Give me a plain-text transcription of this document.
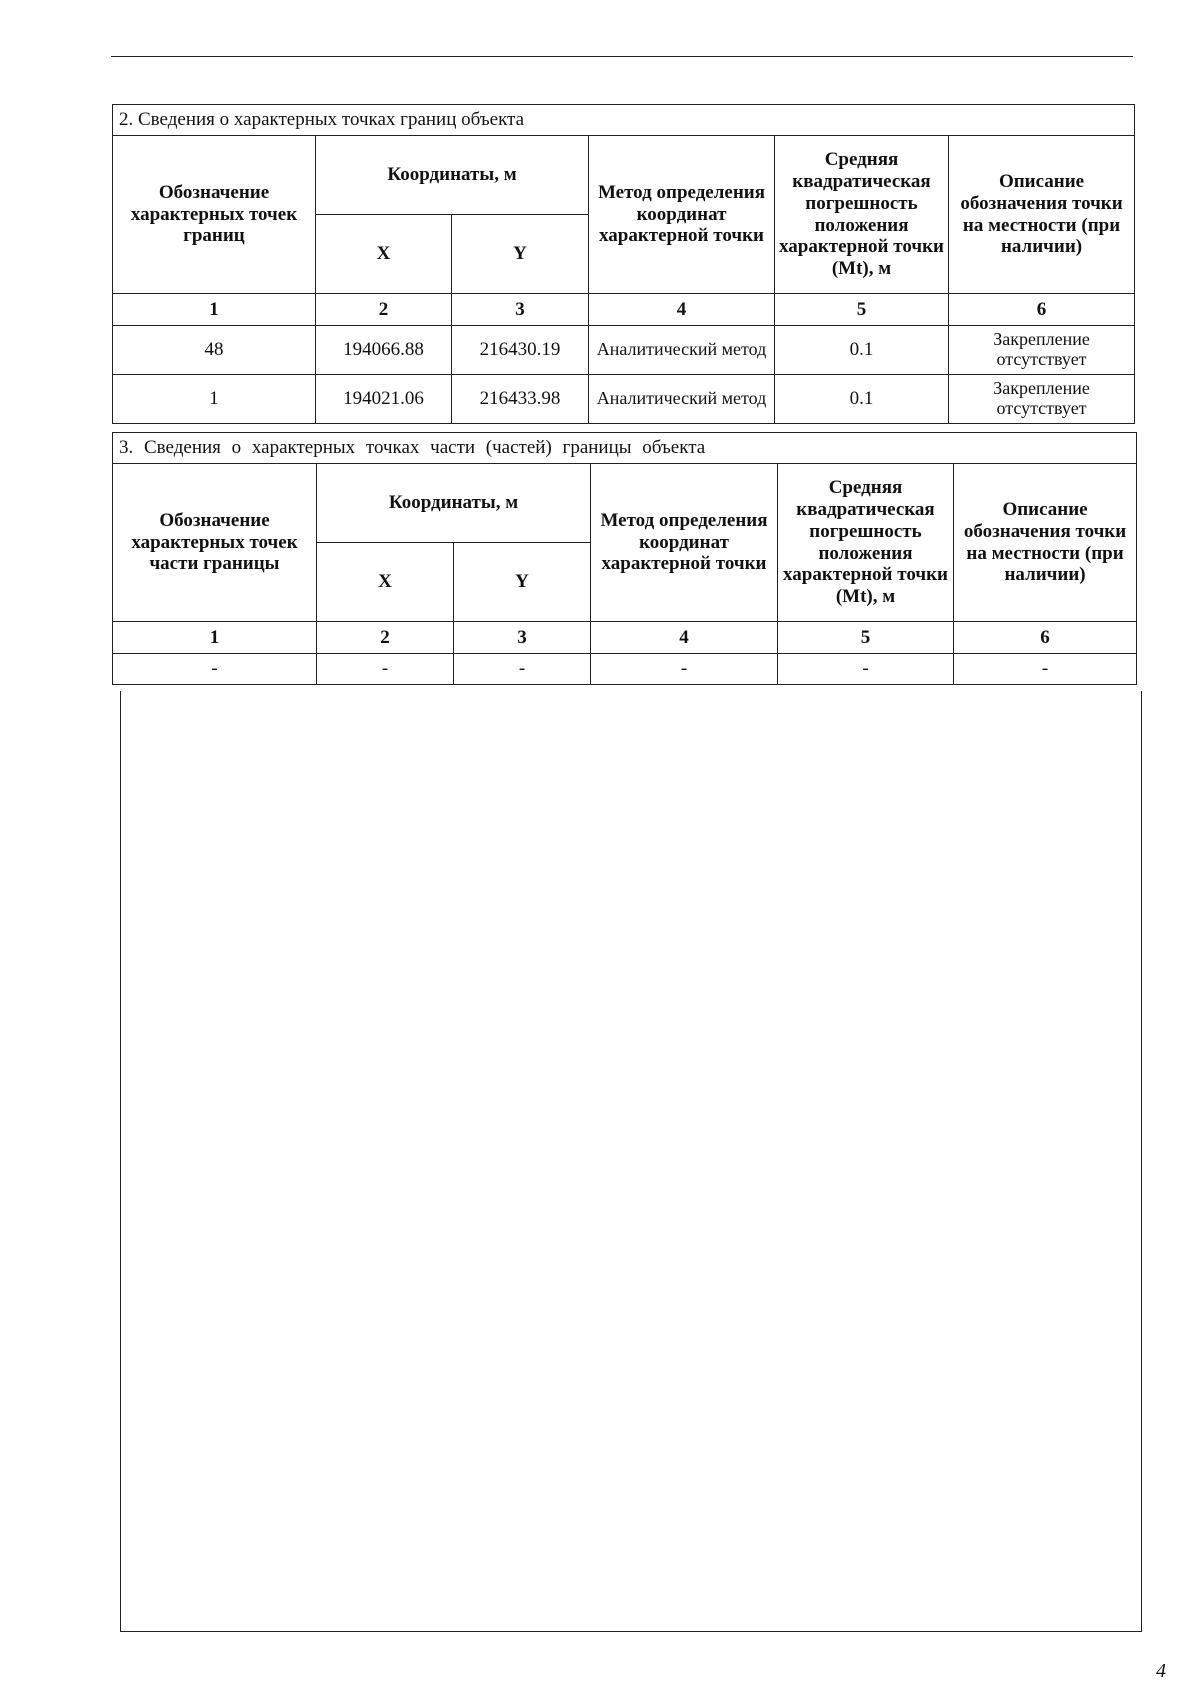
2. Сведения о характерных точках границ объекта					
Обозначение характерных точек границ	Координаты, м		Метод определения координат характерной точки	Средняя квадратическая погрешность положения характерной точки (Mt), м	Описание обозначения точки на местности (при наличии)
	X	Y			
1	2	3	4	5	6
48	194066.88	216430.19	Аналитический метод	0.1	Закрепление отсутствует
1	194021.06	216433.98	Аналитический метод	0.1	Закрепление отсутствует
3. Сведения о характерных точках части (частей) границы объекта					
Обозначение характерных точек части границы	Координаты, м		Метод определения координат характерной точки	Средняя квадратическая погрешность положения характерной точки (Mt), м	Описание обозначения точки на местности (при наличии)
	X	Y			
1	2	3	4	5	6
-	-	-	-	-	-
4
